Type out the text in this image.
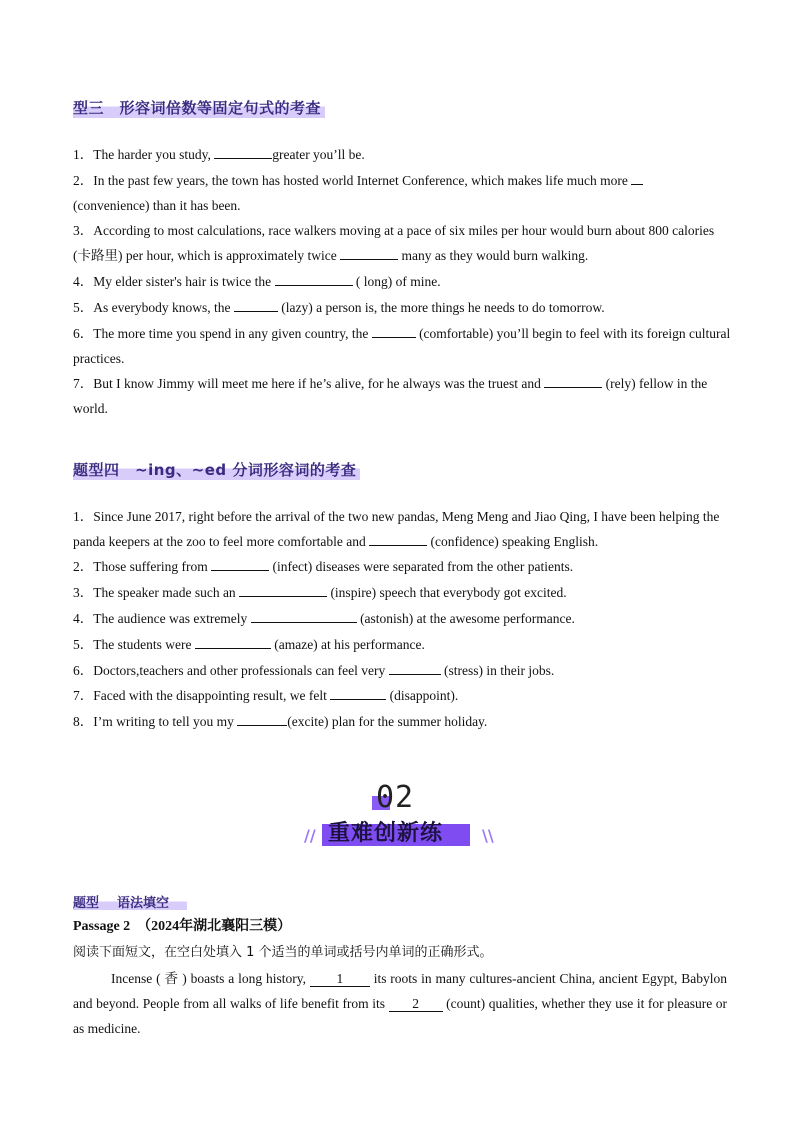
型三　形容词倍数等固定句式的考查
1．The harder you study,	greater you’ll be.
2．In the past few years, the town has hosted world Internet Conference, which makes life much more
(convenience) than it has been.
3．According to most calculations, race walkers moving at a pace of six miles per hour would burn about 800 calories (卡路里) per hour, which is approximately twice	many as they would burn walking.
4．My elder sister's hair is twice the	( long) of mine.
5．As everybody knows, the	(lazy) a person is, the more things he needs to do tomorrow.
6．The more time you spend in any given country, the	(comfortable) you’ll begin to feel with its foreign cultural practices.
7．But I know Jimmy will meet me here if he’s alive, for he always was the truest and	(rely) fellow in the world.
题型四　~ing、~ed 分词形容词的考查
1．Since June 2017, right before the arrival of the two new pandas, Meng Meng and Jiao Qing, I have been helping the panda keepers at the zoo to feel more comfortable and	(confidence) speaking English.
2．Those suffering from	(infect) diseases were separated from the other patients.
3．The speaker made such an	(inspire) speech that everybody got excited.
4．The audience was extremely	(astonish) at the awesome performance.
5．The students were	(amaze) at his performance.
6．Doctors,teachers and other professionals can feel very	(stress) in their jobs.
7．Faced with the disappointing result, we felt	(disappoint).
8．I’m writing to tell you my	(excite) plan for the summer holiday.
02
// 重难创新练 \\
题型 语法填空
Passage 2　（2024年湖北襄阳三模）
阅读下面短文，在空白处填入 1 个适当的单词或括号内单词的正确形式。
Incense ( 香 ) boasts a long history, 1 its roots in many cultures-ancient China, ancient Egypt, Babylon and beyond. People from all walks of life benefit from its 2 (count) qualities, whether they use it for pleasure or as medicine.
